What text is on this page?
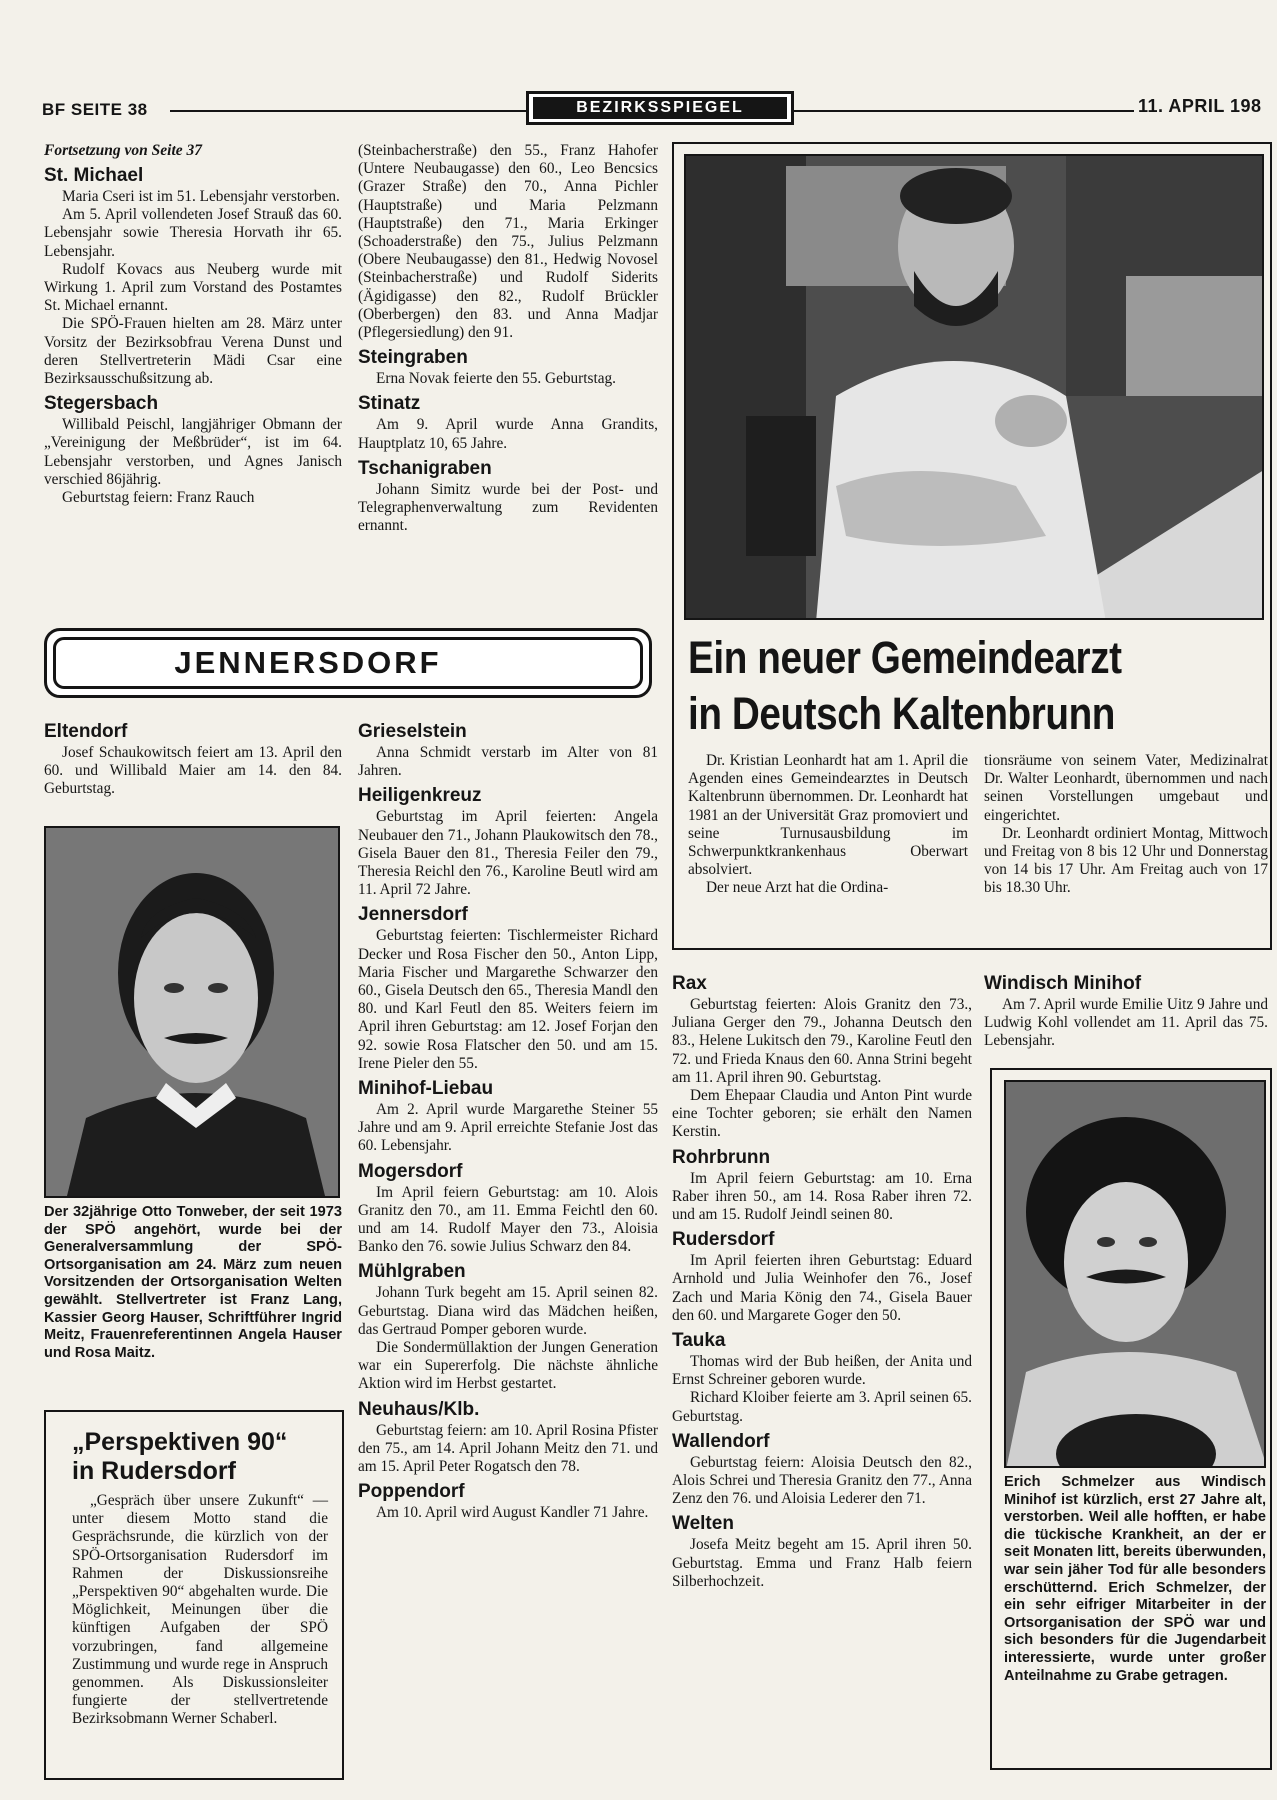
BF SEITE 38	BEZIRKSSPIEGEL	11. APRIL 198

Fortsetzung von Seite 37

St. Michael

Maria Cseri ist im 51. Lebensjahr verstorben.

Am 5. April vollendeten Josef Strauß das 60. Lebensjahr sowie Theresia Horvath ihr 65. Lebensjahr.

Rudolf Kovacs aus Neuberg wurde mit Wirkung 1. April zum Vorstand des Postamtes St. Michael ernannt.

Die SPÖ-Frauen hielten am 28. März unter Vorsitz der Bezirksobfrau Verena Dunst und deren Stellvertreterin Mädi Csar eine Bezirksausschußsitzung ab.

Stegersbach

Willibald Peischl, langjähriger Obmann der „Vereinigung der Meßbrüder“, ist im 64. Lebensjahr verstorben, und Agnes Janisch verschied 86jährig.

Geburtstag feiern: Franz Rauch

(Steinbacherstraße) den 55., Franz Hahofer (Untere Neubaugasse) den 60., Leo Bencsics (Grazer Straße) den 70., Anna Pichler (Hauptstraße) und Maria Pelzmann (Hauptstraße) den 71., Maria Erkinger (Schoaderstraße) den 75., Julius Pelzmann (Obere Neubaugasse) den 81., Hedwig Novosel (Steinbacherstraße) und Rudolf Siderits (Ägidigasse) den 82., Rudolf Brückler (Oberbergen) den 83. und Anna Madjar (Pflegersiedlung) den 91.

Steingraben

Erna Novak feierte den 55. Geburtstag.

Stinatz

Am 9. April wurde Anna Grandits, Hauptplatz 10, 65 Jahre.

Tschanigraben

Johann Simitz wurde bei der Post- und Telegraphenverwaltung zum Revidenten ernannt.

Ein neuer Gemeindearzt
in Deutsch Kaltenbrunn

Dr. Kristian Leonhardt hat am 1. April die Agenden eines Gemeindearztes in Deutsch Kaltenbrunn übernommen. Dr. Leonhardt hat 1981 an der Universität Graz promoviert und seine Turnusausbildung im Schwerpunktkrankenhaus Oberwart absolviert.

Der neue Arzt hat die Ordina-

tionsräume von seinem Vater, Medizinalrat Dr. Walter Leonhardt, übernommen und nach seinen Vorstellungen umgebaut und eingerichtet.

Dr. Leonhardt ordiniert Montag, Mittwoch und Freitag von 8 bis 12 Uhr und Donnerstag von 14 bis 17 Uhr. Am Freitag auch von 17 bis 18.30 Uhr.

JENNERSDORF
Eltendorf

Josef Schaukowitsch feiert am 13. April den 60. und Willibald Maier am 14. den 84. Geburtstag.

Der 32jährige Otto Tonweber, der seit 1973 der SPÖ angehört, wurde bei der Generalversammlung der SPÖ-Ortsorganisation am 24. März zum neuen Vorsitzenden der Ortsorganisation Welten gewählt. Stellvertreter ist Franz Lang, Kassier Georg Hauser, Schriftführer Ingrid Meitz, Frauenreferentinnen Angela Hauser und Rosa Maitz.

„Perspektiven 90“
in Rudersdorf

„Gespräch über unsere Zukunft“ — unter diesem Motto stand die Gesprächsrunde, die kürzlich von der SPÖ-Ortsorganisation Rudersdorf im Rahmen der Diskussionsreihe „Perspektiven 90“ abgehalten wurde. Die Möglichkeit, Meinungen über die künftigen Aufgaben der SPÖ vorzubringen, fand allgemeine Zustimmung und wurde rege in Anspruch genommen. Als Diskussionsleiter fungierte der stellvertretende Bezirksobmann Werner Schaberl.

Grieselstein

Anna Schmidt verstarb im Alter von 81 Jahren.

Heiligenkreuz

Geburtstag im April feierten: Angela Neubauer den 71., Johann Plaukowitsch den 78., Gisela Bauer den 81., Theresia Feiler den 79., Theresia Reichl den 76., Karoline Beutl wird am 11. April 72 Jahre.

Jennersdorf

Geburtstag feierten: Tischlermeister Richard Decker und Rosa Fischer den 50., Anton Lipp, Maria Fischer und Margarethe Schwarzer den 60., Gisela Deutsch den 65., Theresia Mandl den 80. und Karl Feutl den 85. Weiters feiern im April ihren Geburtstag: am 12. Josef Forjan den 92. sowie Rosa Flatscher den 50. und am 15. Irene Pieler den 55.

Minihof-Liebau

Am 2. April wurde Margarethe Steiner 55 Jahre und am 9. April erreichte Stefanie Jost das 60. Lebensjahr.

Mogersdorf

Im April feiern Geburtstag: am 10. Alois Granitz den 70., am 11. Emma Feichtl den 60. und am 14. Rudolf Mayer den 73., Aloisia Banko den 76. sowie Julius Schwarz den 84.

Mühlgraben

Johann Turk begeht am 15. April seinen 82. Geburtstag. Diana wird das Mädchen heißen, das Gertraud Pomper geboren wurde.

Die Sondermüllaktion der Jungen Generation war ein Supererfolg. Die nächste ähnliche Aktion wird im Herbst gestartet.

Neuhaus/Klb.

Geburtstag feiern: am 10. April Rosina Pfister den 75., am 14. April Johann Meitz den 71. und am 15. April Peter Rogatsch den 78.

Poppendorf

Am 10. April wird August Kandler 71 Jahre.

Rax

Geburtstag feierten: Alois Granitz den 73., Juliana Gerger den 79., Johanna Deutsch den 83., Helene Lukitsch den 79., Karoline Feutl den 72. und Frieda Knaus den 60. Anna Strini begeht am 11. April ihren 90. Geburtstag.

Dem Ehepaar Claudia und Anton Pint wurde eine Tochter geboren; sie erhält den Namen Kerstin.

Rohrbrunn

Im April feiern Geburtstag: am 10. Erna Raber ihren 50., am 14. Rosa Raber ihren 72. und am 15. Rudolf Jeindl seinen 80.

Rudersdorf

Im April feierten ihren Geburtstag: Eduard Arnhold und Julia Weinhofer den 76., Josef Zach und Maria König den 74., Gisela Bauer den 60. und Margarete Goger den 50.

Tauka

Thomas wird der Bub heißen, der Anita und Ernst Schreiner geboren wurde.

Richard Kloiber feierte am 3. April seinen 65. Geburtstag.

Wallendorf

Geburtstag feiern: Aloisia Deutsch den 82., Alois Schrei und Theresia Granitz den 77., Anna Zenz den 76. und Aloisia Lederer den 71.

Welten

Josefa Meitz begeht am 15. April ihren 50. Geburtstag. Emma und Franz Halb feiern Silberhochzeit.

Windisch Minihof

Am 7. April wurde Emilie Uitz 9 Jahre und Ludwig Kohl vollendet am 11. April das 75. Lebensjahr.

Erich Schmelzer aus Windisch Minihof ist kürzlich, erst 27 Jahre alt, verstorben. Weil alle hofften, er habe die tückische Krankheit, an der er seit Monaten litt, bereits überwunden, war sein jäher Tod für alle besonders erschütternd. Erich Schmelzer, der ein sehr eifriger Mitarbeiter in der Ortsorganisation der SPÖ war und sich besonders für die Jugendarbeit interessierte, wurde unter großer Anteilnahme zu Grabe getragen.
